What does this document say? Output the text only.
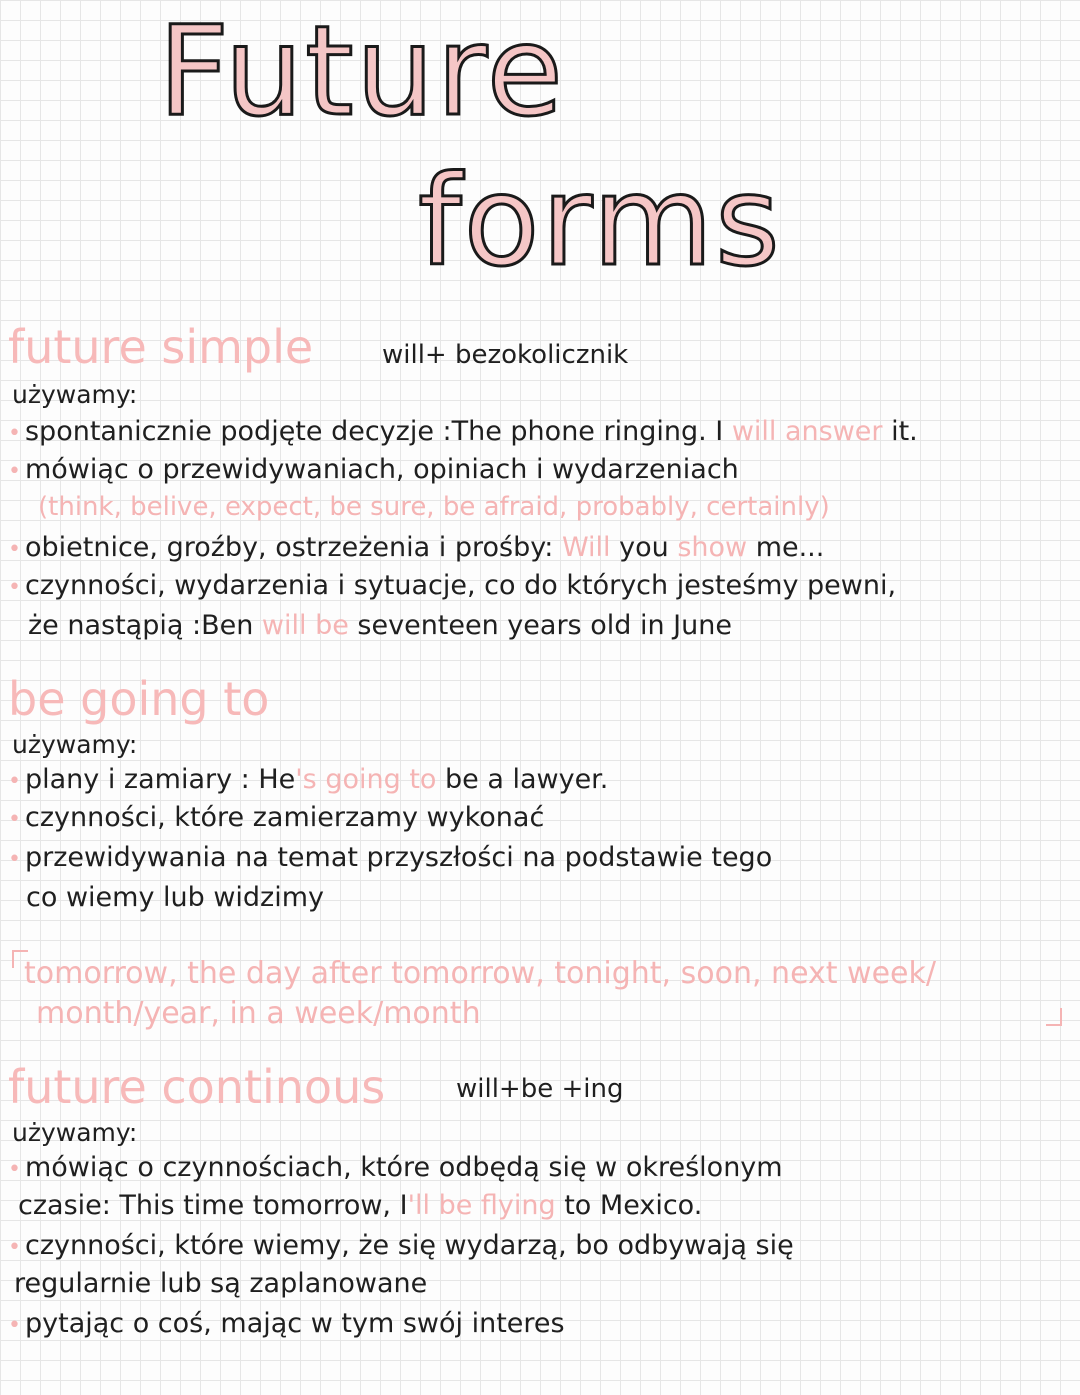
Future
forms
future simple	will+ bezokolicznik
używamy:
• spontanicznie podjęte decyzje :The phone ringing. I will answer it.
• mówiąc o przewidywaniach, opiniach i wydarzeniach
(think, belive, expect, be sure, be afraid, probably, certainly)
• obietnice, groźby, ostrzeżenia i prośby: Will you show me...
• czynności, wydarzenia i sytuacje, co do których jesteśmy pewni,
że nastąpią :Ben will be seventeen years old in June
be going to
używamy:
• plany i zamiary : He's going to be a lawyer.
• czynności, które zamierzamy wykonać
• przewidywania na temat przyszłości na podstawie tego
co wiemy lub widzimy
tomorrow, the day after tomorrow, tonight, soon, next week/
month/year, in a week/month
future continous	will+be +ing
używamy:
• mówiąc o czynnościach, które odbędą się w określonym
czasie: This time tomorrow, I'll be flying to Mexico.
• czynności, które wiemy, że się wydarzą, bo odbywają się
regularnie lub są zaplanowane
• pytając o coś, mając w tym swój interes
